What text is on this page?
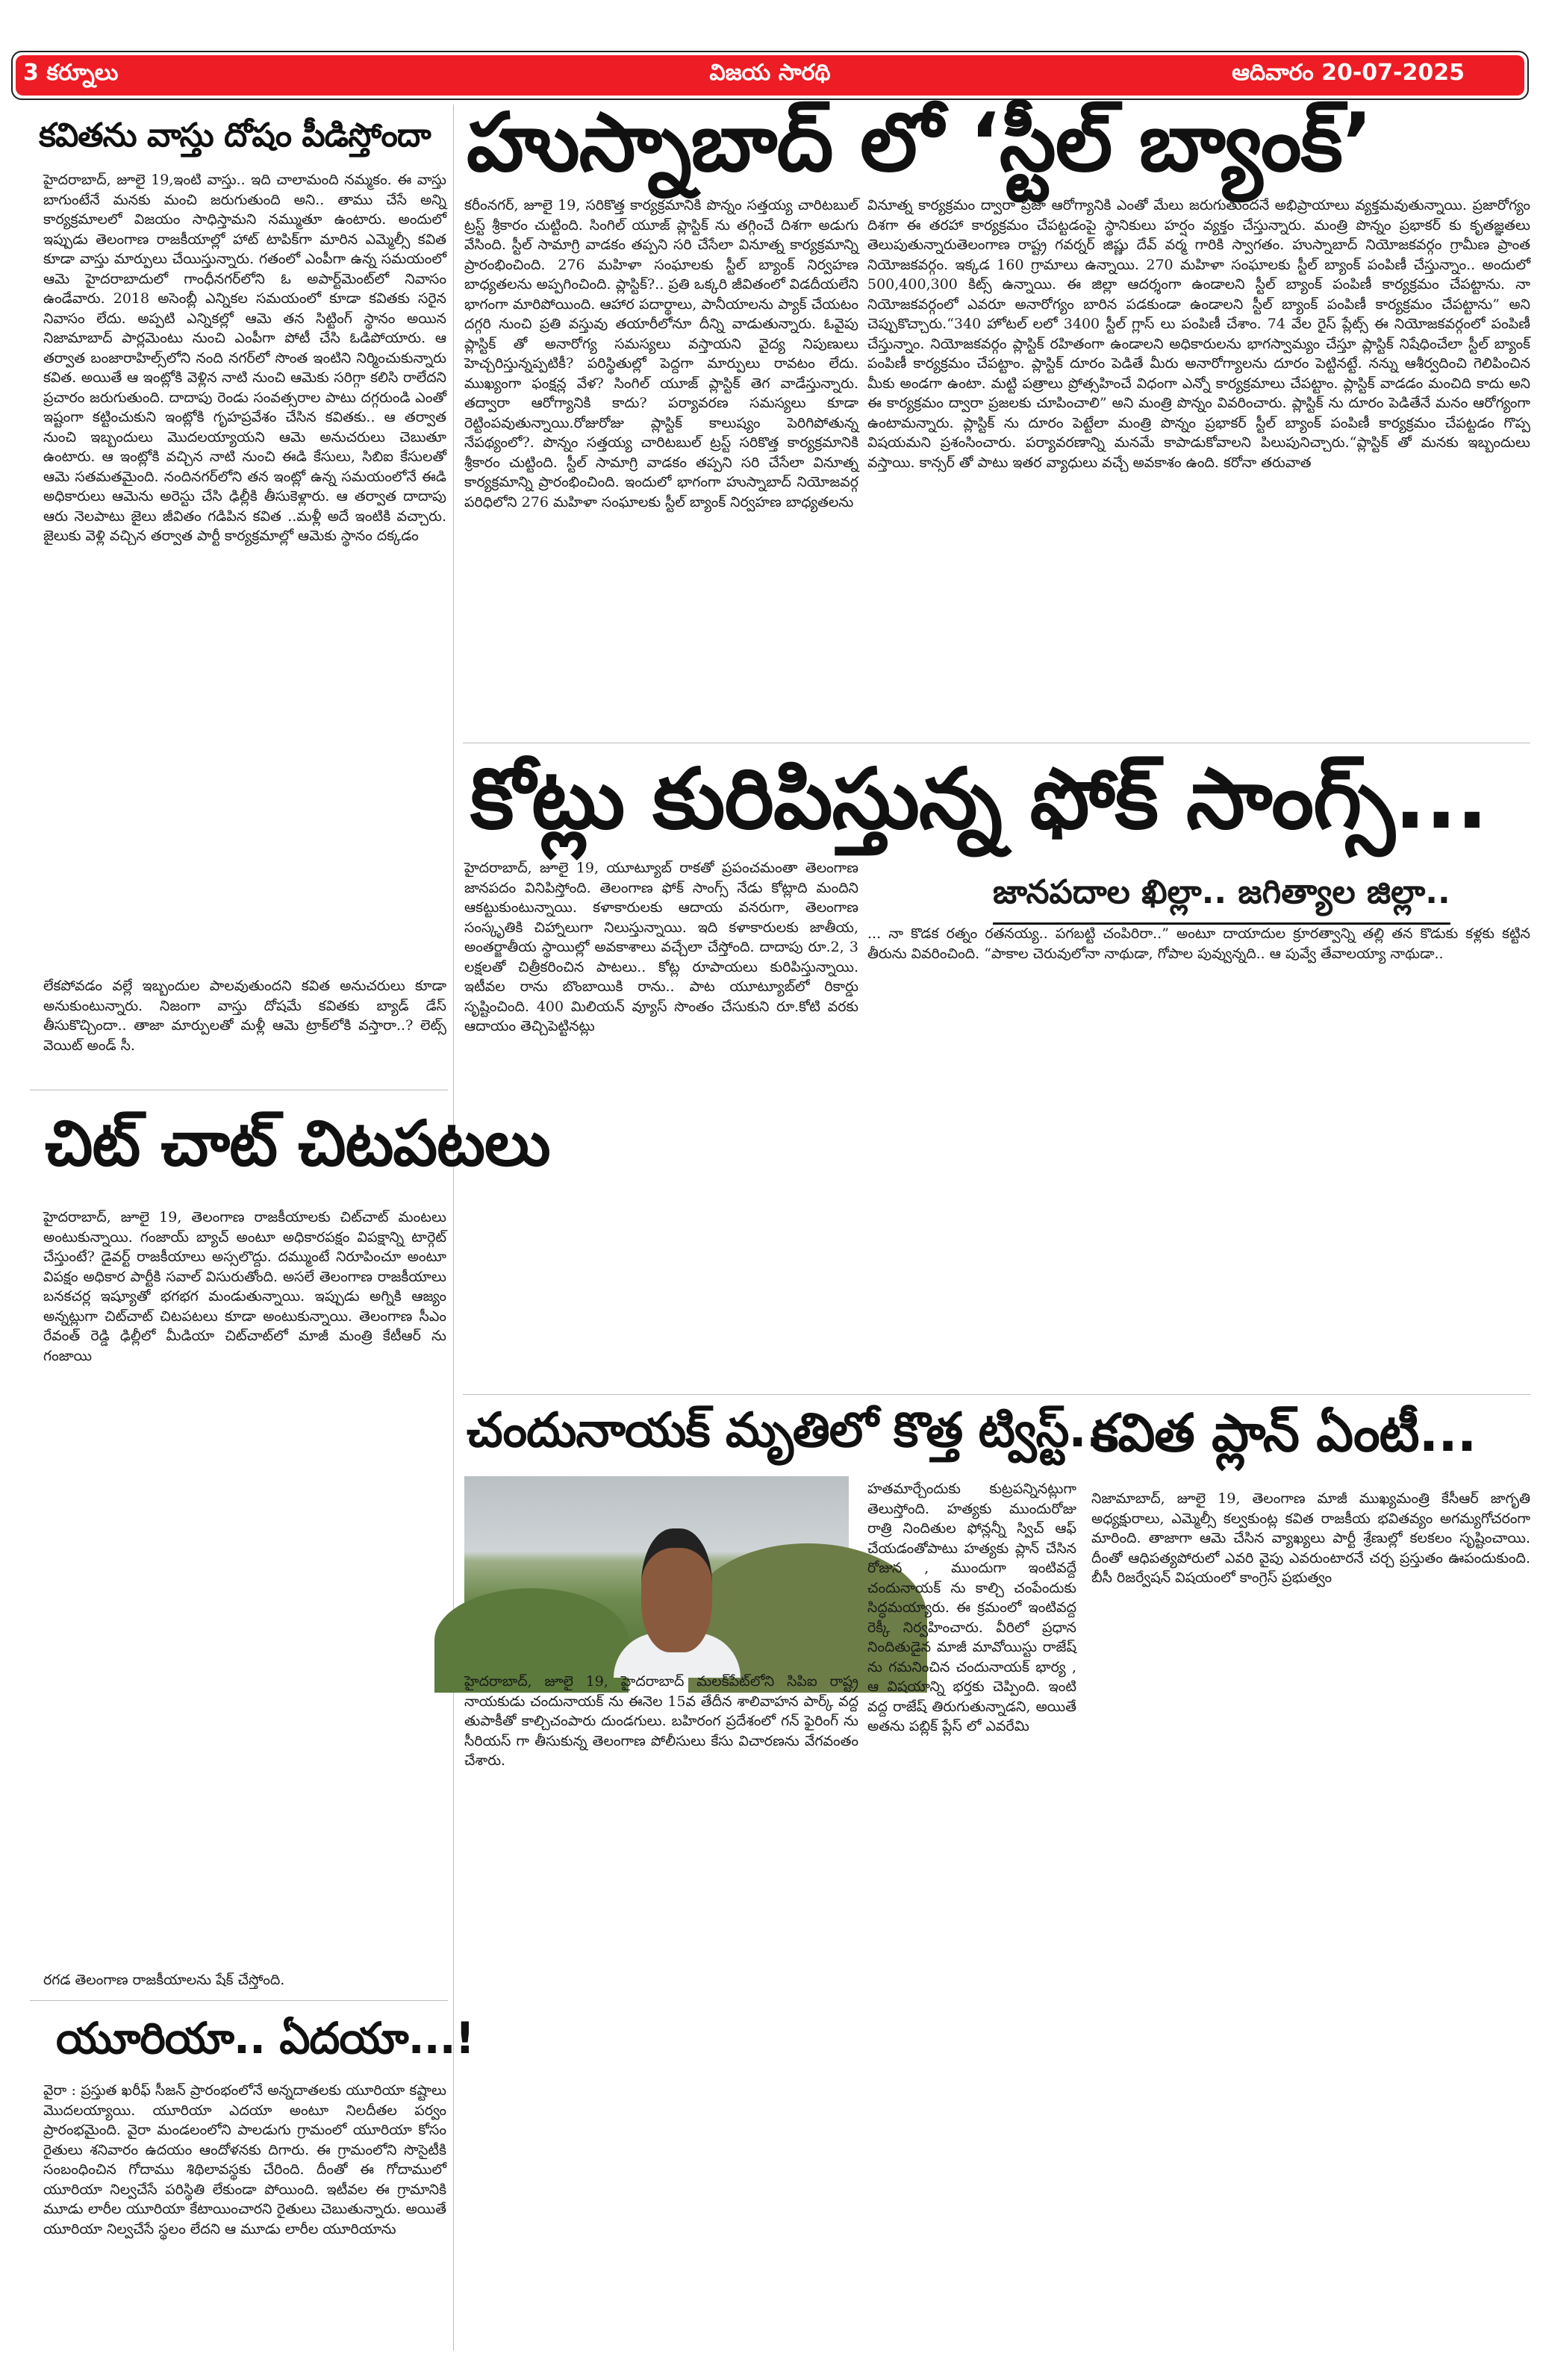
3 కర్నూలు	విజయ సారథి	ఆదివారం 20-07-2025
కవితను వాస్తు దోషం పీడిస్తోందా

హైదరాబాద్, జూలై 19,ఇంటి వాస్తు.. ఇది చాలామంది నమ్మకం. ఈ వాస్తు బాగుంటేనే మనకు మంచి జరుగుతుంది అని.. తాము చేసే అన్ని కార్యక్రమాలలో విజయం సాధిస్తామని నమ్ముతూ ఉంటారు. అందులో ఇప్పుడు తెలంగాణ రాజకీయాల్లో హాట్ టాపిక్‌గా మారిన ఎమ్మెల్సీ కవిత కూడా వాస్తు మార్పులు చేయిస్తున్నారు. గతంలో ఎంపీగా ఉన్న సమయంలో ఆమె హైదరాబాదులో గాంధీనగర్‌లోని ఓ అపార్ట్‌మెంట్‌లో నివాసం ఉండేవారు. 2018 అసెంబ్లీ ఎన్నికల సమయంలో కూడా కవితకు సరైన నివాసం లేదు. అప్పటి ఎన్నికల్లో ఆమె తన సిట్టింగ్ స్థానం అయిన నిజామాబాద్ పార్లమెంటు నుంచి ఎంపీగా పోటీ చేసి ఓడిపోయారు. ఆ తర్వాత బంజారాహిల్స్‌లోని నంది నగర్‌లో సొంత ఇంటిని నిర్మించుకున్నారు కవిత. అయితే ఆ ఇంట్లోకి వెళ్లిన నాటి నుంచి ఆమెకు సరిగ్గా కలిసి రాలేదని ప్రచారం జరుగుతుంది. దాదాపు రెండు సంవత్సరాల పాటు దగ్గరుండి ఎంతో ఇష్టంగా కట్టించుకుని ఇంట్లోకి గృహప్రవేశం చేసిన కవితకు.. ఆ తర్వాత నుంచి ఇబ్బందులు మొదలయ్యాయని ఆమె అనుచరులు చెబుతూ ఉంటారు. ఆ ఇంట్లోకి వచ్చిన నాటి నుంచి ఈడి కేసులు, సిబిఐ కేసులతో ఆమె సతమతమైంది. నందినగర్‌లోని తన ఇంట్లో ఉన్న సమయంలోనే ఈడి అధికారులు ఆమెను అరెస్టు చేసి ఢిల్లీకి తీసుకెళ్లారు. ఆ తర్వాత దాదాపు ఆరు నెలపాటు జైలు జీవితం గడిపిన కవిత ..మళ్లీ అదే ఇంటికి వచ్చారు. జైలుకు వెళ్లి వచ్చిన తర్వాత పార్టీ కార్యక్రమాల్లో ఆమెకు స్థానం దక్కడం

లేకపోవడం వల్లే ఇబ్బందుల పాలవుతుందని కవిత అనుచరులు కూడా అనుకుంటున్నారు. నిజంగా వాస్తు దోషమే కవితకు బ్యాడ్ డేస్ తీసుకొచ్చిందా.. తాజా మార్పులతో మళ్లీ ఆమె ట్రాక్‌లోకి వస్తారా..? లెట్స్ వెయిట్ అండ్ సీ.

హుస్నాబాద్ లో ‘స్టీల్ బ్యాంక్’

కరీంనగర్, జూలై 19, సరికొత్త కార్యక్రమానికి పొన్నం సత్తయ్య చారిటబుల్ ట్రస్ట్ శ్రీకారం చుట్టింది. సింగిల్ యూజ్ ప్లాస్టిక్ ను తగ్గించే దిశగా అడుగు వేసింది. స్టీల్ సామాగ్రి వాడకం తప్పని సరి చేసేలా వినూత్న కార్యక్రమాన్ని ప్రారంభించింది. 276 మహిళా సంఘాలకు స్టీల్ బ్యాంక్ నిర్వహణ బాధ్యతలను అప్పగించింది. ప్లాస్టిక్?.. ప్రతి ఒక్కరి జీవితంలో విడదీయలేని భాగంగా మారిపోయింది. ఆహార పదార్థాలు, పానీయాలను ప్యాక్ చేయటం దగ్గరి నుంచి ప్రతి వస్తువు తయారీలోనూ దీన్ని వాడుతున్నారు. ఓవైపు ప్లాస్టిక్ తో అనారోగ్య సమస్యలు వస్తాయని వైద్య నిపుణులు హెచ్చరిస్తున్నప్పటికీ? పరిస్థితుల్లో పెద్దగా మార్పులు రావటం లేదు. ముఖ్యంగా ఫంక్షన్ల వేళ? సింగిల్ యూజ్ ప్లాస్టిక్ తెగ వాడేస్తున్నారు. తద్వారా ఆరోగ్యానికి కాదు? పర్యావరణ సమస్యలు కూడా రెట్టింపవుతున్నాయి.రోజురోజు ప్లాస్టిక్ కాలుష్యం పెరిగిపోతున్న నేపథ్యంలో?. పొన్నం సత్తయ్య చారిటబుల్ ట్రస్ట్ సరికొత్త కార్యక్రమానికి శ్రీకారం చుట్టింది. స్టీల్ సామాగ్రి వాడకం తప్పని సరి చేసేలా వినూత్న కార్యక్రమాన్ని ప్రారంభించింది. ఇందులో భాగంగా హుస్నాబాద్ నియోజవర్గ పరిధిలోని 276 మహిళా సంఘాలకు స్టీల్ బ్యాంక్ నిర్వహణ బాధ్యతలను

వినూత్న కార్యక్రమం ద్వారా ప్రజా ఆరోగ్యానికి ఎంతో మేలు జరుగుతుందనే అభిప్రాయాలు వ్యక్తమవుతున్నాయి. ప్రజారోగ్యం దిశగా ఈ తరహా కార్యక్రమం చేపట్టడంపై స్థానికులు హర్షం వ్యక్తం చేస్తున్నారు. మంత్రి పొన్నం ప్రభాకర్ కు కృతజ్ఞతలు తెలుపుతున్నారుతెలంగాణ రాష్ట్ర గవర్నర్ జిష్ణు దేవ్ వర్మ గారికి స్వాగతం. హుస్నాబాద్ నియోజకవర్గం గ్రామీణ ప్రాంత నియోజకవర్గం. ఇక్కడ 160 గ్రామాలు ఉన్నాయి. 270 మహిళా సంఘాలకు స్టీల్ బ్యాంక్ పంపిణీ చేస్తున్నాం.. అందులో 500,400,300 కిట్స్ ఉన్నాయి. ఈ జిల్లా ఆదర్శంగా ఉండాలని స్టీల్ బ్యాంక్ పంపిణీ కార్యక్రమం చేపట్టాను. నా నియోజకవర్గంలో ఎవరూ అనారోగ్యం బారిన పడకుండా ఉండాలని స్టీల్ బ్యాంక్ పంపిణీ కార్యక్రమం చేపట్టాను” అని చెప్పుకొచ్చారు.“340 హోటల్ లలో 3400 స్టీల్ గ్లాస్ లు పంపిణీ చేశాం. 74 వేల రైస్ ప్లేట్స్ ఈ నియోజకవర్గంలో పంపిణీ చేస్తున్నాం. నియోజకవర్గం ప్లాస్టిక్ రహితంగా ఉండాలని అధికారులను భాగస్వామ్యం చేస్తూ ప్లాస్టిక్ నిషేధించేలా స్టీల్ బ్యాంక్ పంపిణీ కార్యక్రమం చేపట్టాం. ప్లాస్టిక్ దూరం పెడితే మీరు అనారోగ్యాలను దూరం పెట్టినట్టే. నన్ను ఆశీర్వదించి గెలిపించిన మీకు అండగా ఉంటా. మట్టి పత్రాలు ప్రోత్సహించే విధంగా ఎన్నో కార్యక్రమాలు చేపట్టాం. ప్లాస్టిక్ వాడడం మంచిది కాదు అని ఈ కార్యక్రమం ద్వారా ప్రజలకు చూపించాలి” అని మంత్రి పొన్నం వివరించారు. ప్లాస్టిక్ ను దూరం పెడితేనే మనం ఆరోగ్యంగా ఉంటామన్నారు. ప్లాస్టిక్ ను దూరం పెట్టేలా మంత్రి పొన్నం ప్రభాకర్ స్టీల్ బ్యాంక్ పంపిణీ కార్యక్రమం చేపట్టడం గొప్ప విషయమని ప్రశంసించారు. పర్యావరణాన్ని మనమే కాపాడుకోవాలని పిలుపునిచ్చారు.“ప్లాస్టిక్ తో మనకు ఇబ్బందులు వస్తాయి. కాన్సర్ తో పాటు ఇతర వ్యాధులు వచ్చే అవకాశం ఉంది. కరోనా తరువాత

కోట్లు కురిపిస్తున్న ఫోక్ సాంగ్స్...

హైదరాబాద్, జూలై 19, యూట్యూబ్ రాకతో ప్రపంచమంతా తెలంగాణ జానపదం వినిపిస్తోంది. తెలంగాణ ఫోక్ సాంగ్స్ నేడు కోట్లాది మందిని ఆకట్టుకుంటున్నాయి. కళాకారులకు ఆదాయ వనరుగా, తెలంగాణ సంస్కృతికి చిహ్నాలుగా నిలుస్తున్నాయి. ఇది కళాకారులకు జాతీయ, అంతర్జాతీయ స్థాయిల్లో అవకాశాలు వచ్చేలా చేస్తోంది. దాదాపు రూ.2, 3 లక్షలతో చిత్రీకరించిన పాటలు.. కోట్ల రూపాయలు కురిపిస్తున్నాయి. ఇటీవల రాను బొంబాయికి రాను.. పాట యూట్యూబ్‌లో రికార్డు సృష్టించింది. 400 మిలియన్ వ్యూస్ సొంతం చేసుకుని రూ.కోటి వరకు ఆదాయం తెచ్చిపెట్టినట్లు

జానపదాల ఖిల్లా.. జగిత్యాల జిల్లా..

... నా కొడక రత్నం రతనయ్య.. పగబట్టి చంపిరిరా..” అంటూ దాయాదుల క్రూరత్వాన్ని తల్లి తన కొడుకు కళ్లకు కట్టిన తీరును వివరించింది. “పాకాల చెరువులోనా నాథుడా, గోపాల పువ్వున్నది.. ఆ పువ్వే తేవాలయ్యా నాథుడా..

చిట్ చాట్ చిటపటలు

హైదరాబాద్, జూలై 19, తెలంగాణ రాజకీయాలకు చిట్‌చాట్ మంటలు అంటుకున్నాయి. గంజాయ్ బ్యాచ్ అంటూ అధికారపక్షం విపక్షాన్ని టార్గెట్ చేస్తుంటే? డైవర్ట్ రాజకీయాలు అస్సలొద్దు. దమ్ముంటే నిరూపించూ అంటూ విపక్షం అధికార పార్టీకి సవాల్ విసురుతోంది. అసలే తెలంగాణ రాజకీయాలు బనకచర్ల ఇష్యూతో భగభగ మండుతున్నాయి. ఇప్పుడు అగ్నికి ఆజ్యం అన్నట్లుగా చిట్‌చాట్ చిటపటలు కూడా అంటుకున్నాయి. తెలంగాణ సీఎం రేవంత్ రెడ్డి ఢిల్లీలో మీడియా చిట్‌చాట్‌లో మాజీ మంత్రి కేటీఆర్ ను గంజాయి

రగడ తెలంగాణ రాజకీయాలను షేక్ చేస్తోంది.

యూరియా.. ఏదయా...!

వైరా : ప్రస్తుత ఖరీఫ్ సీజన్ ప్రారంభంలోనే అన్నదాతలకు యూరియా కష్టాలు మొదలయ్యాయి. యూరియా ఎదయా అంటూ నిలదీతల పర్వం ప్రారంభమైంది. వైరా మండలంలోని పాలడుగు గ్రామంలో యూరియా కోసం రైతులు శనివారం ఉదయం ఆందోళనకు దిగారు. ఈ గ్రామంలోని సొసైటీకి సంబంధించిన గోదాము శిథిలావస్థకు చేరింది. దీంతో ఈ గోదాములో యూరియా నిల్వచేసే పరిస్థితి లేకుండా పోయింది. ఇటీవల ఈ గ్రామానికి మూడు లారీల యూరియా కేటాయించారని రైతులు చెబుతున్నారు. అయితే యూరియా నిల్వచేసే స్థలం లేదని ఆ మూడు లారీల యూరియాను

చందునాయక్ మృతిలో కొత్త ట్విస్ట్...

హైదరాబాద్, జూలై 19, హైదరాబాద్ మలక్‌పేట్‌లోని సిపిఐ రాష్ట్ర నాయకుడు చందునాయక్ ను ఈనెల 15వ తేదీన శాలివాహన పార్క్ వద్ద తుపాకీతో కాల్చిచంపారు దుండగులు. బహిరంగ ప్రదేశంలో గన్ ఫైరింగ్ ను సీరియస్ గా తీసుకున్న తెలంగాణ పోలీసులు కేసు విచారణను వేగవంతం చేశారు.

హతమార్చేందుకు కుట్రపన్నినట్లుగా తెలుస్తోంది. హత్యకు ముందురోజు రాత్రి నిందితుల ఫోన్లన్నీ స్విచ్ ఆఫ్ చేయడంతోపాటు హత్యకు ప్లాన్ చేసిన రోజున , ముందుగా ఇంటివద్దే చందునాయక్ ను కాల్చి చంపేందుకు సిద్ధమయ్యారు. ఈ క్రమంలో ఇంటివద్ద రెక్కీ నిర్వహించారు. వీరిలో ప్రధాన నిందితుడైన మాజీ మావోయిస్టు రాజేష్ ను గమనించిన చందునాయక్ భార్య , ఆ విషయాన్ని భర్తకు చెప్పింది. ఇంటి వద్ద రాజేష్ తిరుగుతున్నాడని, అయితే అతను పబ్లిక్ ప్లేస్ లో ఎవరేమి

కవిత ప్లాన్ ఏంటీ...

నిజామాబాద్, జూలై 19, తెలంగాణ మాజీ ముఖ్యమంత్రి కేసీఆర్ జాగృతి అధ్యక్షురాలు, ఎమ్మెల్సీ కల్వకుంట్ల కవిత రాజకీయ భవితవ్యం అగమ్యగోచరంగా మారింది. తాజాగా ఆమె చేసిన వ్యాఖ్యలు పార్టీ శ్రేణుల్లో కలకలం సృష్టించాయి. దీంతో ఆధిపత్యపోరులో ఎవరి వైపు ఎవరుంటారనే చర్చ ప్రస్తుతం ఊపందుకుంది. బీసీ రిజర్వేషన్ విషయంలో కాంగ్రెస్ ప్రభుత్వం
